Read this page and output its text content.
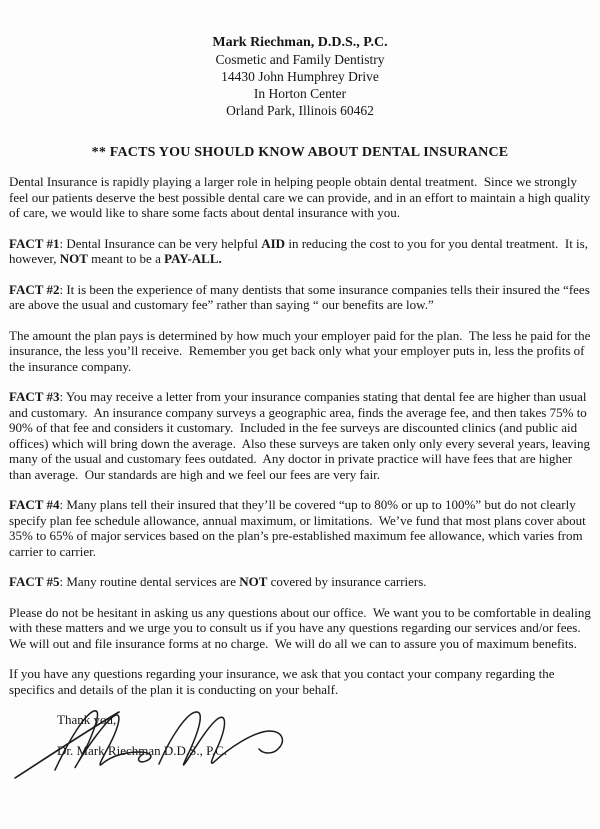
Mark Riechman, D.D.S., P.C.
Cosmetic and Family Dentistry
14430 John Humphrey Drive
In Horton Center
Orland Park, Illinois 60462
** FACTS YOU SHOULD KNOW ABOUT DENTAL INSURANCE

Dental Insurance is rapidly playing a larger role in helping people obtain dental treatment.  Since we strongly feel our patients deserve the best possible dental care we can provide, and in an effort to maintain a high quality of care, we would like to share some facts about dental insurance with you.

FACT #1: Dental Insurance can be very helpful AID in reducing the cost to you for you dental treatment.  It is, however, NOT meant to be a PAY-ALL.

FACT #2: It is been the experience of many dentists that some insurance companies tells their insured the “fees are above the usual and customary fee” rather than saying “ our benefits are low.”

The amount the plan pays is determined by how much your employer paid for the plan.  The less he paid for the insurance, the less you’ll receive.  Remember you get back only what your employer puts in, less the profits of the insurance company.

FACT #3: You may receive a letter from your insurance companies stating that dental fee are higher than usual and customary.  An insurance company surveys a geographic area, finds the average fee, and then takes 75% to 90% of that fee and considers it customary.  Included in the fee surveys are discounted clinics (and public aid offices) which will bring down the average.  Also these surveys are taken only only every several years, leaving many of the usual and customary fees outdated.  Any doctor in private practice will have fees that are higher than average.  Our standards are high and we feel our fees are very fair.

FACT #4: Many plans tell their insured that they’ll be covered “up to 80% or up to 100%” but do not clearly specify plan fee schedule allowance, annual maximum, or limitations.  We’ve fund that most plans cover about 35% to 65% of major services based on the plan’s pre-established maximum fee allowance, which varies from carrier to carrier.

FACT #5: Many routine dental services are NOT covered by insurance carriers.

Please do not be hesitant in asking us any questions about our office.  We want you to be comfortable in dealing with these matters and we urge you to consult us if you have any questions regarding our services and/or fees.  We will out and file insurance forms at no charge.  We will do all we can to assure you of maximum benefits.

If you have any questions regarding your insurance, we ask that you contact your company regarding the specifics and details of the plan it is conducting on your behalf.

Thank you,

Dr. Mark Riechman D.D.S., P.C.
